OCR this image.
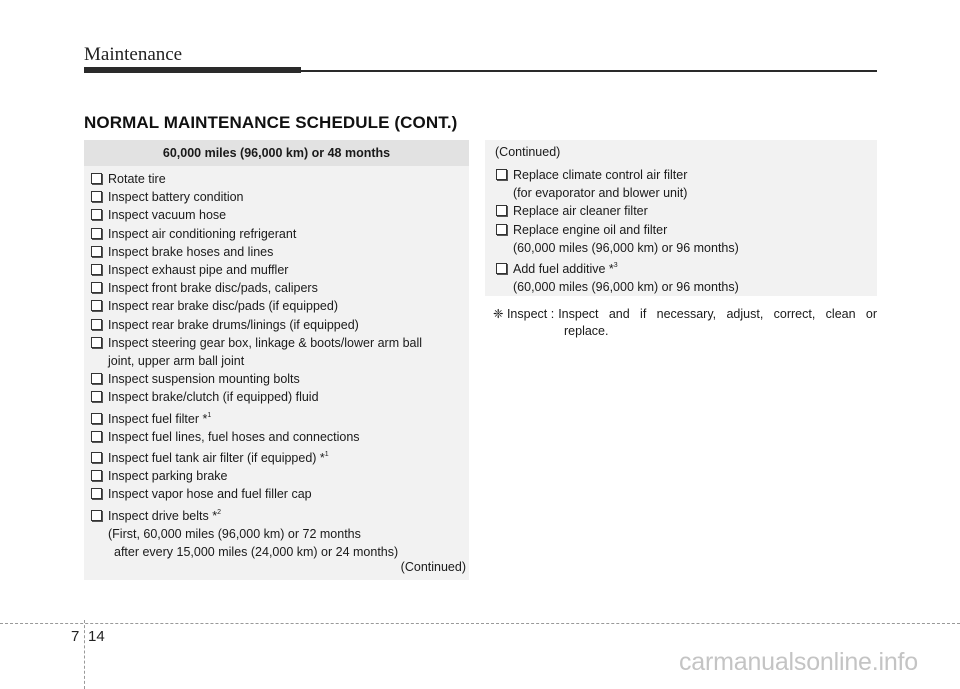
Maintenance
NORMAL MAINTENANCE SCHEDULE (CONT.)
60,000 miles (96,000 km) or 48 months
Rotate tire
Inspect battery condition
Inspect vacuum hose
Inspect air conditioning refrigerant
Inspect brake hoses and lines
Inspect exhaust pipe and muffler
Inspect front brake disc/pads, calipers
Inspect rear brake disc/pads (if equipped)
Inspect rear brake drums/linings (if equipped)
Inspect steering gear box, linkage & boots/lower arm ball
joint, upper arm ball joint
Inspect suspension mounting bolts
Inspect brake/clutch (if equipped) fluid
Inspect fuel filter *$^1$
Inspect fuel lines, fuel hoses and connections
Inspect fuel tank air filter (if equipped) *$^1$
Inspect parking brake
Inspect vapor hose and fuel filler cap
Inspect drive belts *$^2$
(First, 60,000 miles (96,000 km) or 72 months
after every 15,000 miles (24,000 km) or 24 months)
(Continued)
(Continued)
Replace climate control air filter
(for evaporator and blower unit)
Replace air cleaner filter
Replace engine oil and filter
(60,000 miles (96,000 km) or 96 months)
Add fuel additive *$^3$
(60,000 miles (96,000 km) or 96 months)
❈ Inspect : Inspect and if necessary, adjust, correct, clean or
replace.
7 14
carmanualsonline.info
